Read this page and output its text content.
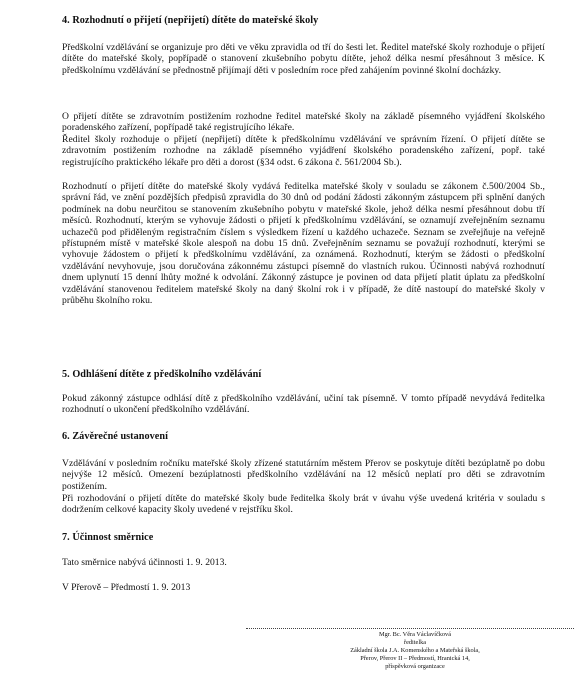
4. Rozhodnutí o přijetí (nepřijetí) dítěte do mateřské školy

Předškolní vzdělávání se organizuje pro děti ve věku zpravidla od tří do šesti let. Ředitel mateřské školy rozhoduje o přijetí dítěte do mateřské školy, popřípadě o stanovení zkušebního pobytu dítěte, jehož délka nesmí přesáhnout 3 měsíce. K předškolnímu vzdělávání se přednostně přijímají děti v posledním roce před zahájením povinné školní docházky.

O přijetí dítěte se zdravotním postižením rozhodne ředitel mateřské školy na základě písemného vyjádření školského poradenského zařízení, popřípadě také registrujícího lékaře.

Ředitel školy rozhoduje o přijetí (nepřijetí) dítěte k předškolnímu vzdělávání ve správním řízení. O přijetí dítěte se zdravotním postižením rozhodne na základě písemného vyjádření školského poradenského zařízení, popř. také registrujícího praktického lékaře pro děti a dorost (§34 odst. 6 zákona č. 561/2004 Sb.).

Rozhodnutí o přijetí dítěte do mateřské školy vydává ředitelka mateřské školy v souladu se zákonem č.500/2004 Sb., správní řád, ve znění pozdějších předpisů zpravidla do 30 dnů od podání žádosti zákonným zástupcem při splnění daných podmínek na dobu neurčitou se stanovením zkušebního pobytu v mateřské škole, jehož délka nesmí přesáhnout dobu tří měsíců. Rozhodnutí, kterým se vyhovuje žádosti o přijetí k předškolnímu vzdělávání, se oznamují zveřejněním seznamu uchazečů pod přiděleným registračním číslem s výsledkem řízení u každého uchazeče. Seznam se zveřejňuje na veřejně přístupném místě v mateřské škole alespoň na dobu 15 dnů. Zveřejněním seznamu se považují rozhodnutí, kterými se vyhovuje žádostem o přijetí k předškolnímu vzdělávání, za oznámená. Rozhodnutí, kterým se žádosti o předškolní vzdělávání nevyhovuje, jsou doručována zákonnému zástupci písemně do vlastních rukou. Účinnosti nabývá rozhodnutí dnem uplynutí 15 denní lhůty možné k odvolání. Zákonný zástupce je povinen od data přijetí platit úplatu za předškolní vzdělávání stanovenou ředitelem mateřské školy na daný školní rok i v případě, že dítě nastoupí do mateřské školy v průběhu školního roku.

5. Odhlášení dítěte z předškolního vzdělávání

Pokud zákonný zástupce odhlásí dítě z předškolního vzdělávání, učiní tak písemně. V tomto případě nevydává ředitelka rozhodnutí o ukončení předškolního vzdělávání.

6. Závěrečné ustanovení

Vzdělávání v posledním ročníku mateřské školy zřízené statutárním městem Přerov se poskytuje dítěti bezúplatně po dobu nejvýše 12 měsíců. Omezení bezúplatnosti předškolního vzdělávání na 12 měsíců neplatí pro děti se zdravotním postižením.

Při rozhodování o přijetí dítěte do mateřské školy bude ředitelka školy brát v úvahu výše uvedená kritéria v souladu s dodržením celkové kapacity školy uvedené v rejstříku škol.

7. Účinnost směrnice

Tato směrnice nabývá účinnosti 1. 9. 2013.

V Přerově – Předmostí 1. 9. 2013

Mgr. Bc. Věra Václavíčková
ředitelka
Základní škola J.A. Komenského a Mateřská škola,
Přerov, Přerov II – Předmostí, Hranická 14,
příspěvková organizace
